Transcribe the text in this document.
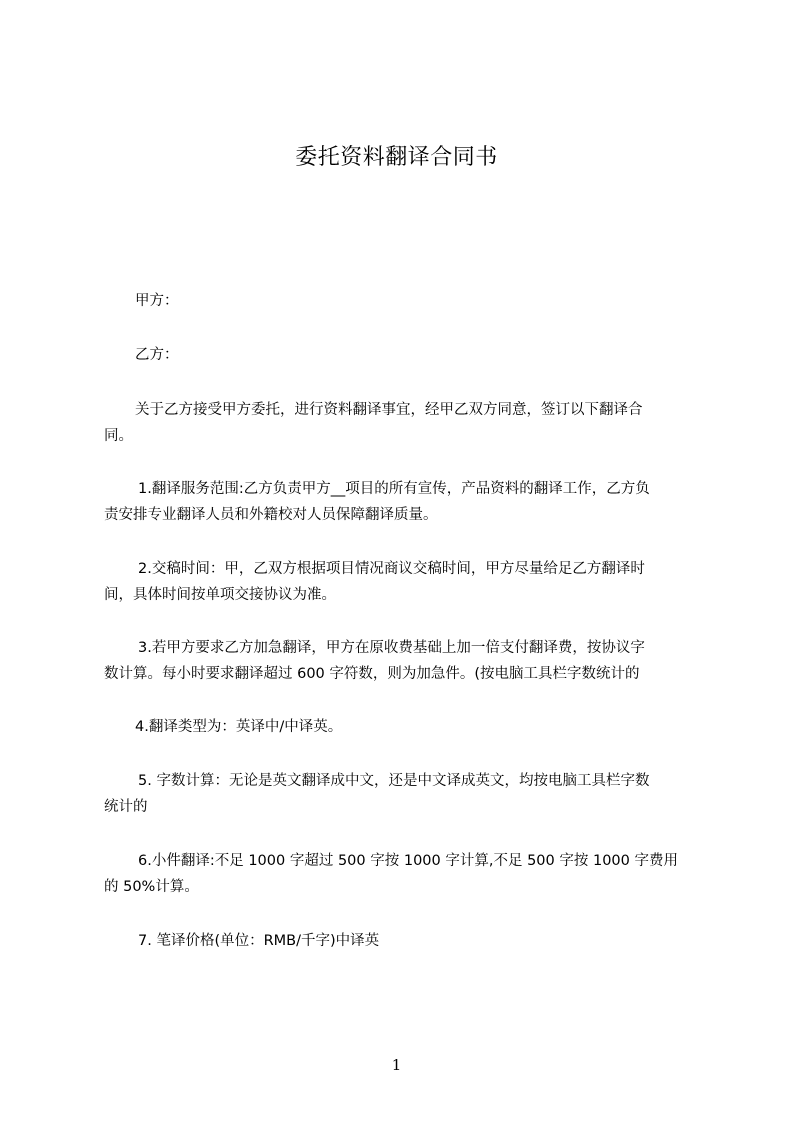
委托资料翻译合同书
甲方：
乙方：
关于乙方接受甲方委托，进行资料翻译事宜，经甲乙双方同意，签订以下翻译合
同。
1.翻译服务范围:乙方负责甲方__项目的所有宣传，产品资料的翻译工作，乙方负
责安排专业翻译人员和外籍校对人员保障翻译质量。
2.交稿时间：甲，乙双方根据项目情况商议交稿时间，甲方尽量给足乙方翻译时
间，具体时间按单项交接协议为准。
3.若甲方要求乙方加急翻译，甲方在原收费基础上加一倍支付翻译费，按协议字
数计算。每小时要求翻译超过 600 字符数，则为加急件。(按电脑工具栏字数统计的
4.翻译类型为：英译中/中译英。
5. 字数计算：无论是英文翻译成中文，还是中文译成英文，均按电脑工具栏字数
统计的
6.小件翻译:不足 1000 字超过 500 字按 1000 字计算,不足 500 字按 1000 字费用
的 50%计算。
7. 笔译价格(单位：RMB/千字)中译英
1
